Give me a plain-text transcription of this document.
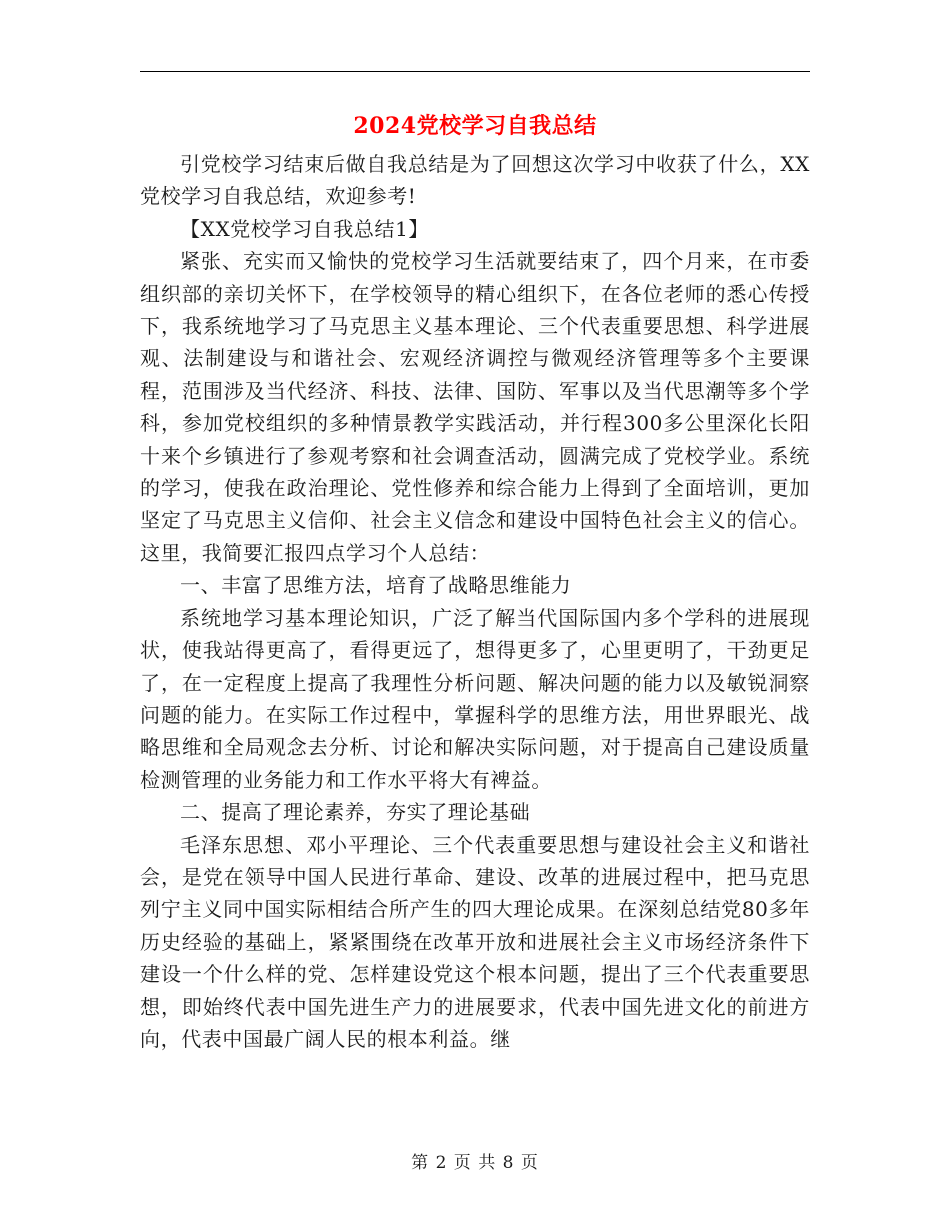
2024党校学习自我总结

引党校学习结束后做自我总结是为了回想这次学习中收获了什么，XX党校学习自我总结，欢迎参考!

【XX党校学习自我总结1】

紧张、充实而又愉快的党校学习生活就要结束了，四个月来，在市委组织部的亲切关怀下，在学校领导的精心组织下，在各位老师的悉心传授下，我系统地学习了马克思主义基本理论、三个代表重要思想、科学进展观、法制建设与和谐社会、宏观经济调控与微观经济管理等多个主要课程，范围涉及当代经济、科技、法律、国防、军事以及当代思潮等多个学科，参加党校组织的多种情景教学实践活动，并行程300多公里深化长阳十来个乡镇进行了参观考察和社会调查活动，圆满完成了党校学业。系统的学习，使我在政治理论、党性修养和综合能力上得到了全面培训，更加坚定了马克思主义信仰、社会主义信念和建设中国特色社会主义的信心。这里，我简要汇报四点学习个人总结：

一、丰富了思维方法，培育了战略思维能力

系统地学习基本理论知识，广泛了解当代国际国内多个学科的进展现状，使我站得更高了，看得更远了，想得更多了，心里更明了，干劲更足了，在一定程度上提高了我理性分析问题、解决问题的能力以及敏锐洞察问题的能力。在实际工作过程中，掌握科学的思维方法，用世界眼光、战略思维和全局观念去分析、讨论和解决实际问题，对于提高自己建设质量检测管理的业务能力和工作水平将大有裨益。

二、提高了理论素养，夯实了理论基础

毛泽东思想、邓小平理论、三个代表重要思想与建设社会主义和谐社会，是党在领导中国人民进行革命、建设、改革的进展过程中，把马克思列宁主义同中国实际相结合所产生的四大理论成果。在深刻总结党80多年历史经验的基础上，紧紧围绕在改革开放和进展社会主义市场经济条件下建设一个什么样的党、怎样建设党这个根本问题，提出了三个代表重要思想，即始终代表中国先进生产力的进展要求，代表中国先进文化的前进方向，代表中国最广阔人民的根本利益。继

第 2 页 共 8 页
